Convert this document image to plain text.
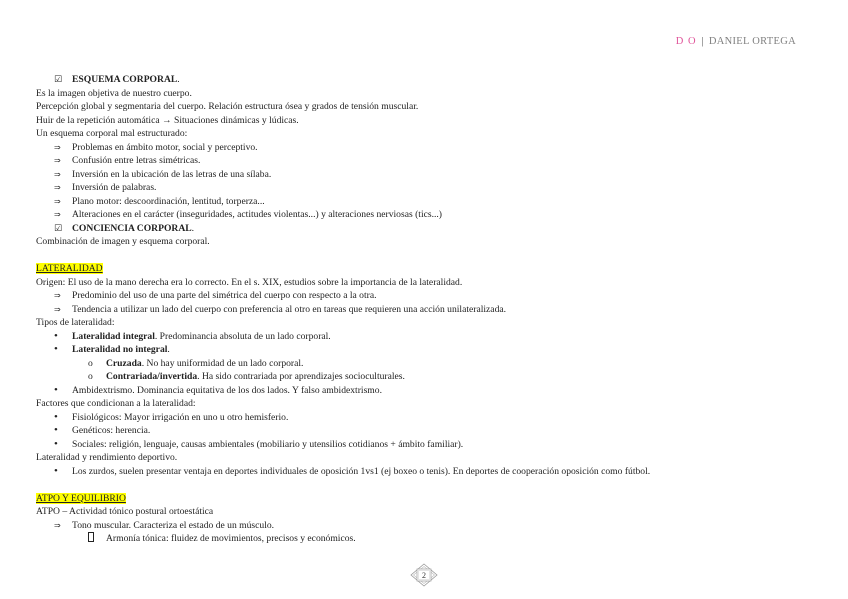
D O | DANIEL ORTEGA
☑ ESQUEMA CORPORAL.
Es la imagen objetiva de nuestro cuerpo.
Percepción global y segmentaria del cuerpo. Relación estructura ósea y grados de tensión muscular.
Huir de la repetición automática → Situaciones dinámicas y lúdicas.
Un esquema corporal mal estructurado:
⇒ Problemas en ámbito motor, social y perceptivo.
⇒ Confusión entre letras simétricas.
⇒ Inversión en la ubicación de las letras de una sílaba.
⇒ Inversión de palabras.
⇒ Plano motor: descoordinación, lentitud, torperza...
⇒ Alteraciones en el carácter (inseguridades, actitudes violentas...) y alteraciones nerviosas (tics...)
☑ CONCIENCIA CORPORAL.
Combinación de imagen y esquema corporal.
LATERALIDAD
Origen: El uso de la mano derecha era lo correcto. En el s. XIX, estudios sobre la importancia de la lateralidad.
⇒ Predominio del uso de una parte del simétrica del cuerpo con respecto a la otra.
⇒ Tendencia a utilizar un lado del cuerpo con preferencia al otro en tareas que requieren una acción unilateralizada.
Tipos de lateralidad:
• Lateralidad integral. Predominancia absoluta de un lado corporal.
• Lateralidad no integral.
o Cruzada. No hay uniformidad de un lado corporal.
o Contrariada/invertida. Ha sido contrariada por aprendizajes socioculturales.
• Ambidextrismo. Dominancia equitativa de los dos lados. Y falso ambidextrismo.
Factores que condicionan a la lateralidad:
• Fisiológicos: Mayor irrigación en uno u otro hemisferio.
• Genéticos: herencia.
• Sociales: religión, lenguaje, causas ambientales (mobiliario y utensilios cotidianos + ámbito familiar).
Lateralidad y rendimiento deportivo.
• Los zurdos, suelen presentar ventaja en deportes individuales de oposición 1vs1 (ej boxeo o tenis). En deportes de cooperación oposición como fútbol.
ATPO Y EQUILIBRIO
ATPO – Actividad tónico postural ortoestática
⇒ Tono muscular. Caracteriza el estado de un músculo.
Armonía tónica: fluidez de movimientos, precisos y económicos.
2
